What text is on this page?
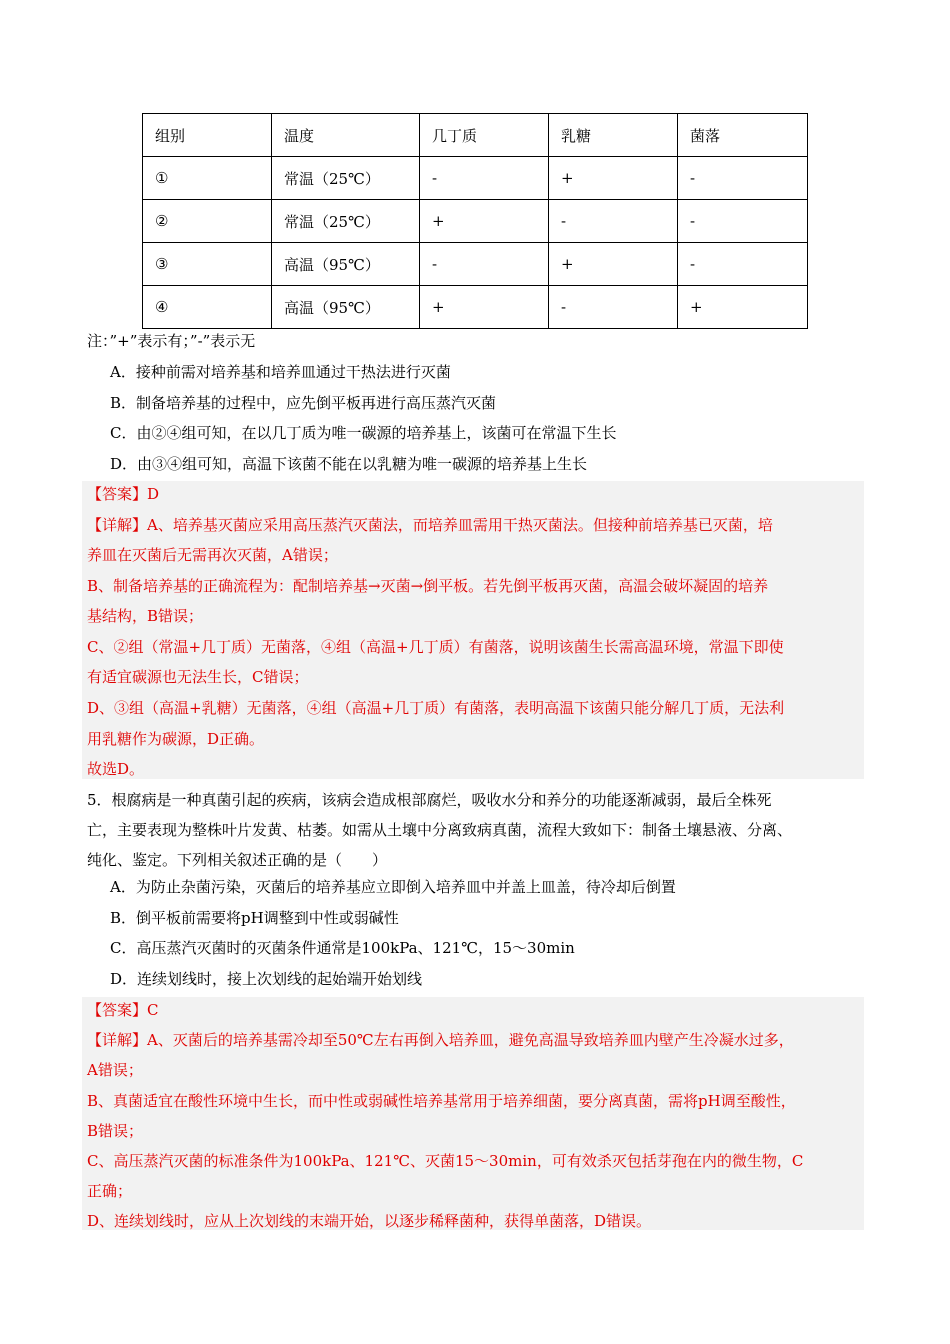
组别	温度	几丁质	乳糖	菌落
①	常温（25℃）	-	+	-
②	常温（25℃）	+	-	-
③	高温（95℃）	-	+	-
④	高温（95℃）	+	-	+
注：”+”表示有；”-”表示无
A．接种前需对培养基和培养皿通过干热法进行灭菌
B．制备培养基的过程中，应先倒平板再进行高压蒸汽灭菌
C．由②④组可知，在以几丁质为唯一碳源的培养基上，该菌可在常温下生长
D．由③④组可知，高温下该菌不能在以乳糖为唯一碳源的培养基上生长
【答案】D
【详解】A、培养基灭菌应采用高压蒸汽灭菌法，而培养皿需用干热灭菌法。但接种前培养基已灭菌，培
养皿在灭菌后无需再次灭菌，A错误；
B、制备培养基的正确流程为：配制培养基→灭菌→倒平板。若先倒平板再灭菌，高温会破坏凝固的培养
基结构，B错误；
C、②组（常温+几丁质）无菌落，④组（高温+几丁质）有菌落，说明该菌生长需高温环境，常温下即使
有适宜碳源也无法生长，C错误；
D、③组（高温+乳糖）无菌落，④组（高温+几丁质）有菌落，表明高温下该菌只能分解几丁质，无法利
用乳糖作为碳源，D正确。
故选D。
5．根腐病是一种真菌引起的疾病，该病会造成根部腐烂，吸收水分和养分的功能逐渐减弱，最后全株死
亡，主要表现为整株叶片发黄、枯萎。如需从土壤中分离致病真菌，流程大致如下：制备土壤悬液、分离、
纯化、鉴定。下列相关叙述正确的是（　　）
A．为防止杂菌污染，灭菌后的培养基应立即倒入培养皿中并盖上皿盖，待冷却后倒置
B．倒平板前需要将pH调整到中性或弱碱性
C．高压蒸汽灭菌时的灭菌条件通常是100kPa、121℃，15～30min
D．连续划线时，接上次划线的起始端开始划线
【答案】C
【详解】A、灭菌后的培养基需冷却至50℃左右再倒入培养皿，避免高温导致培养皿内壁产生冷凝水过多，
A错误；
B、真菌适宜在酸性环境中生长，而中性或弱碱性培养基常用于培养细菌，要分离真菌，需将pH调至酸性，
B错误；
C、高压蒸汽灭菌的标准条件为100kPa、121℃、灭菌15～30min，可有效杀灭包括芽孢在内的微生物，C
正确；
D、连续划线时，应从上次划线的末端开始，以逐步稀释菌种，获得单菌落，D错误。
